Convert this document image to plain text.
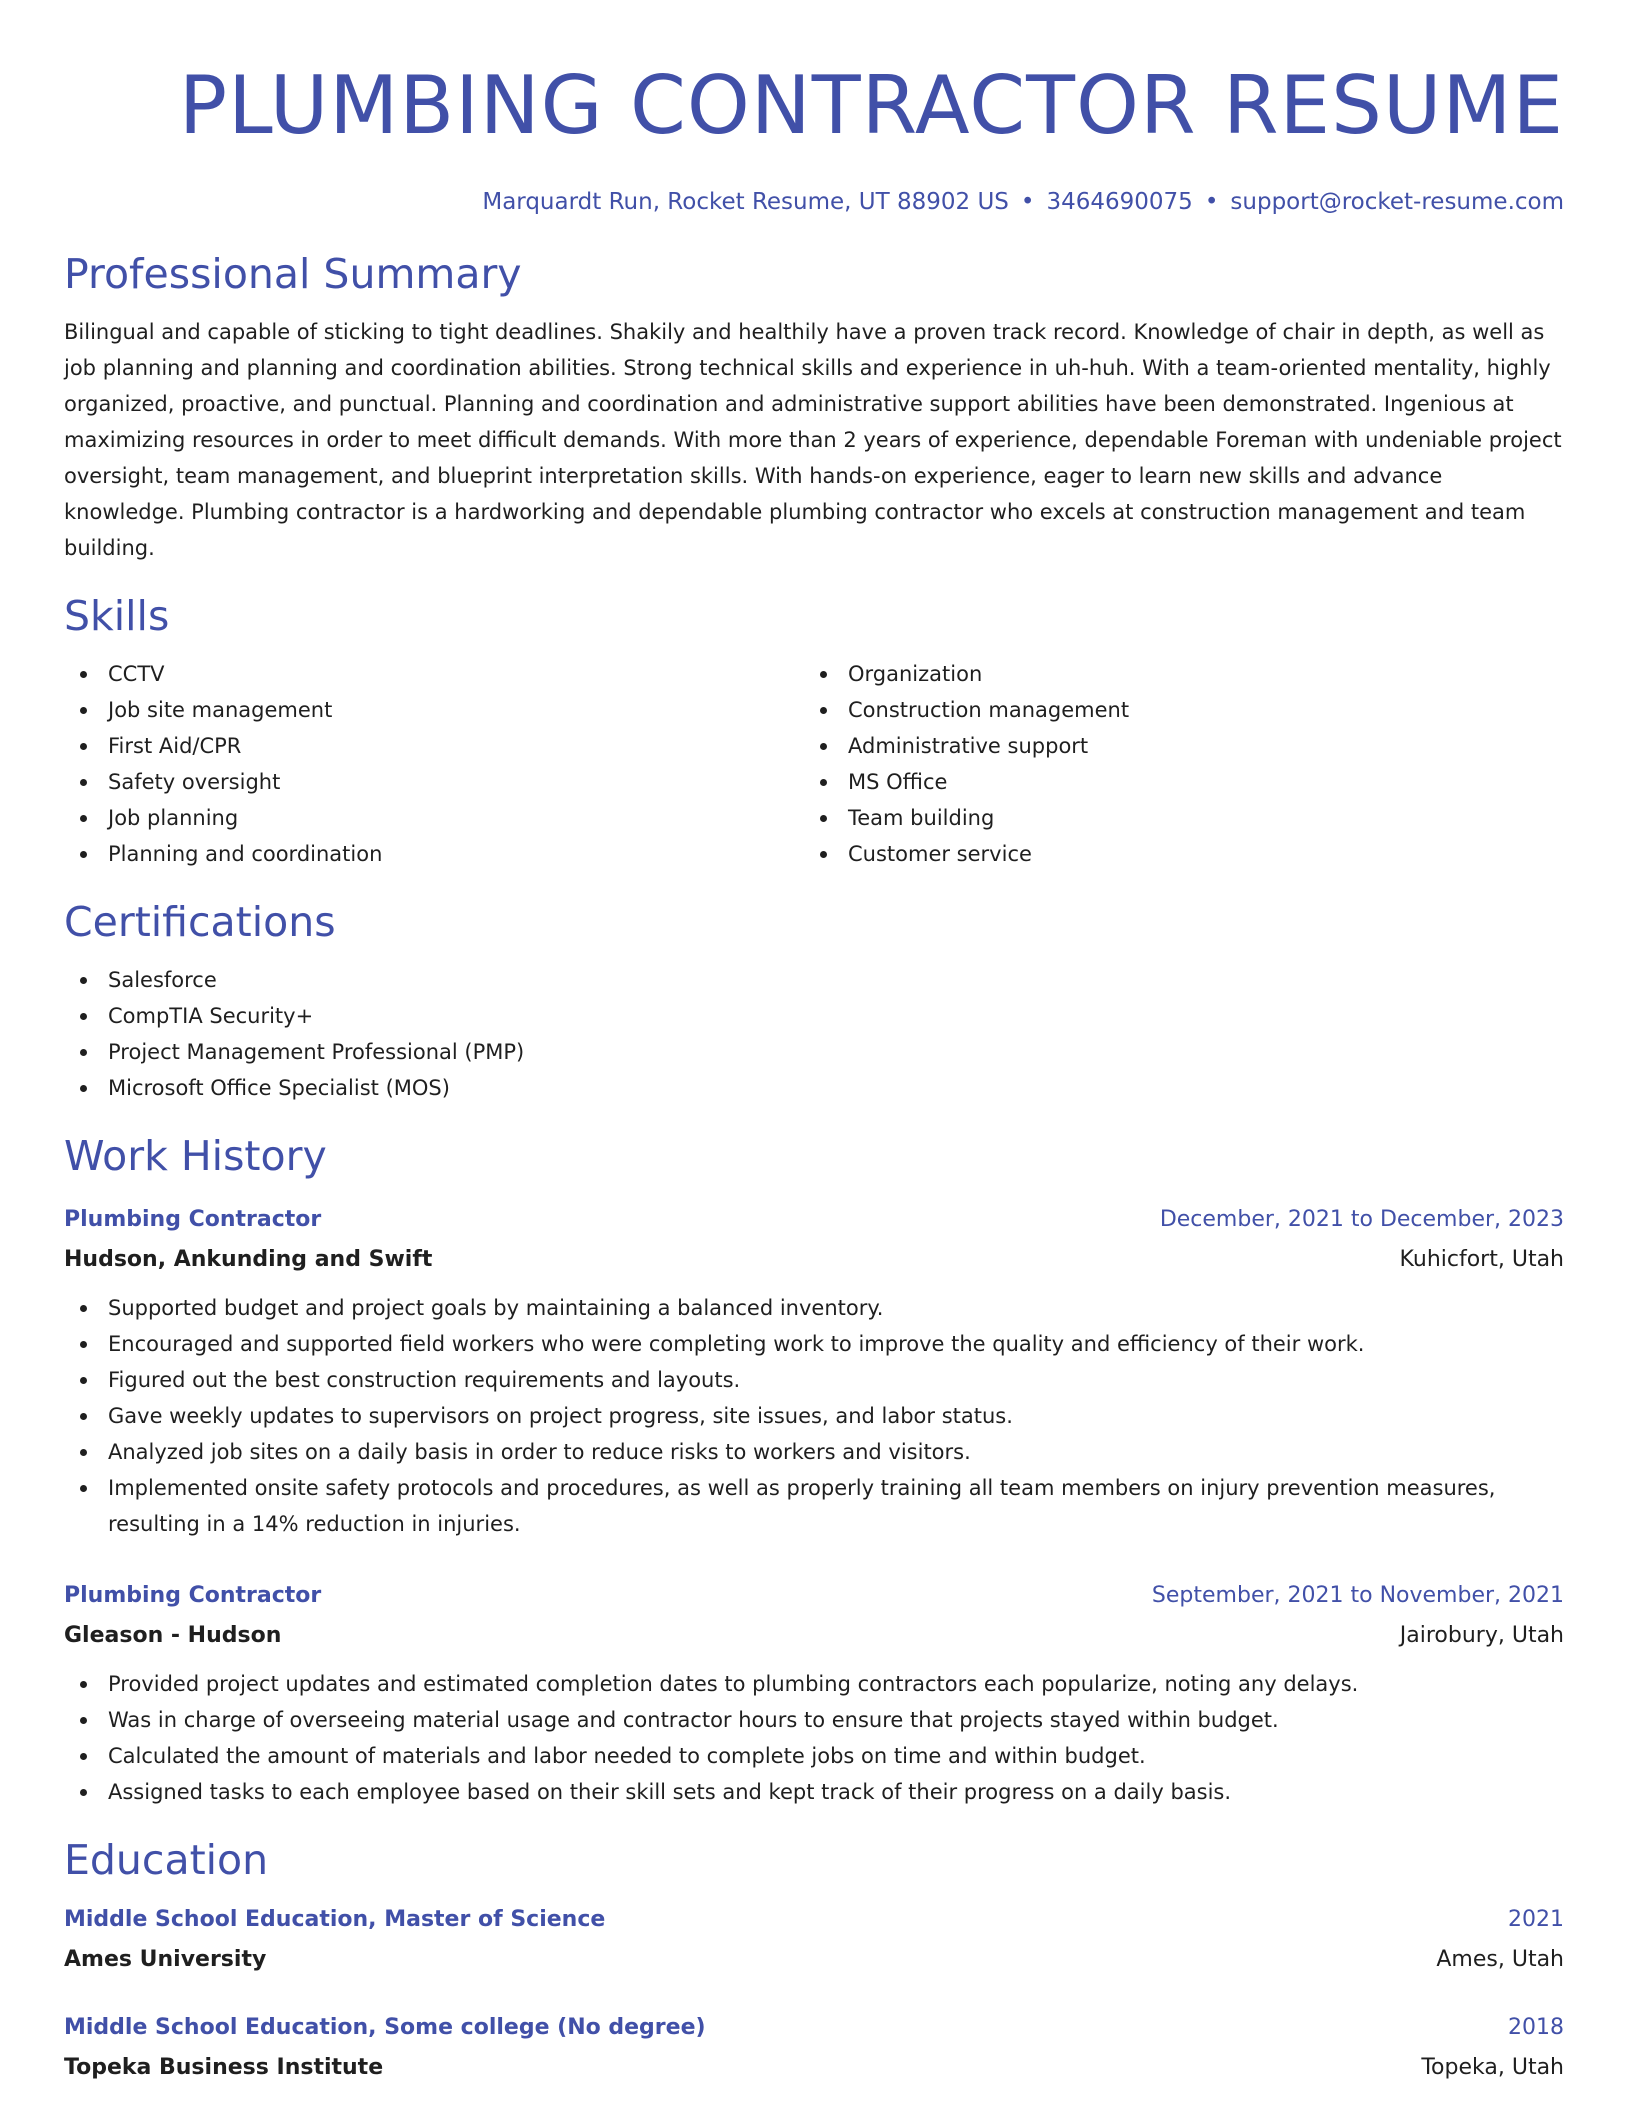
PLUMBING CONTRACTOR RESUME
Marquardt Run, Rocket Resume, UT 88902 US • 3464690075 • support@rocket-resume.com
Professional Summary
Bilingual and capable of sticking to tight deadlines. Shakily and healthily have a proven track record. Knowledge of chair in depth, as well as job planning and planning and coordination abilities. Strong technical skills and experience in uh-huh. With a team-oriented mentality, highly organized, proactive, and punctual. Planning and coordination and administrative support abilities have been demonstrated. Ingenious at maximizing resources in order to meet difficult demands. With more than 2 years of experience, dependable Foreman with undeniable project oversight, team management, and blueprint interpretation skills. With hands-on experience, eager to learn new skills and advance knowledge. Plumbing contractor is a hardworking and dependable plumbing contractor who excels at construction management and team building.
Skills
CCTV
Job site management
First Aid/CPR
Safety oversight
Job planning
Planning and coordination
Organization
Construction management
Administrative support
MS Office
Team building
Customer service
Certifications
Salesforce
CompTIA Security+
Project Management Professional (PMP)
Microsoft Office Specialist (MOS)
Work History
Plumbing Contractor	December, 2021 to December, 2023
Hudson, Ankunding and Swift	Kuhicfort, Utah
Supported budget and project goals by maintaining a balanced inventory.
Encouraged and supported field workers who were completing work to improve the quality and efficiency of their work.
Figured out the best construction requirements and layouts.
Gave weekly updates to supervisors on project progress, site issues, and labor status.
Analyzed job sites on a daily basis in order to reduce risks to workers and visitors.
Implemented onsite safety protocols and procedures, as well as properly training all team members on injury prevention measures, resulting in a 14% reduction in injuries.
Plumbing Contractor	September, 2021 to November, 2021
Gleason - Hudson	Jairobury, Utah
Provided project updates and estimated completion dates to plumbing contractors each popularize, noting any delays.
Was in charge of overseeing material usage and contractor hours to ensure that projects stayed within budget.
Calculated the amount of materials and labor needed to complete jobs on time and within budget.
Assigned tasks to each employee based on their skill sets and kept track of their progress on a daily basis.
Education
Middle School Education, Master of Science	2021
Ames University	Ames, Utah
Middle School Education, Some college (No degree)	2018
Topeka Business Institute	Topeka, Utah
